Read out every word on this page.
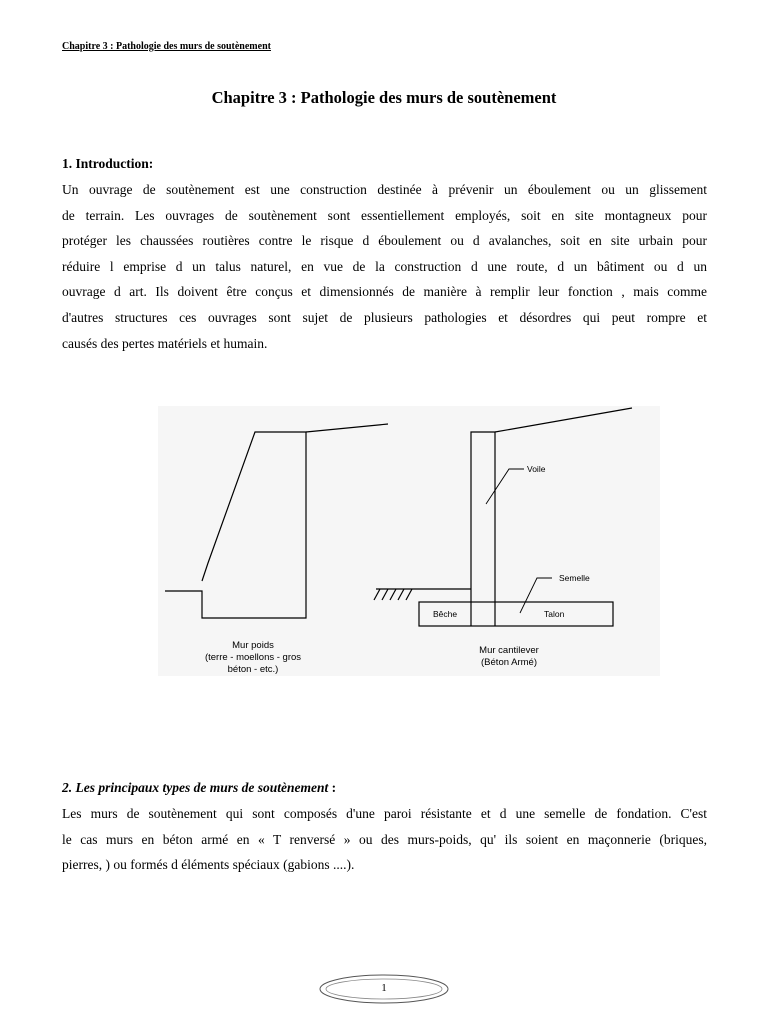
Chapitre 3 : Pathologie des murs de soutènement
Chapitre 3 : Pathologie des murs de soutènement
1. Introduction:
Un ouvrage de soutènement est une construction destinée à prévenir un éboulement ou un glissement
de terrain. Les ouvrages de soutènement sont essentiellement employés, soit en site montagneux pour
protéger les chaussées routières contre le risque d éboulement ou d avalanches, soit en site urbain pour
réduire l emprise d un talus naturel, en vue de la construction d une route, d un bâtiment ou d un
ouvrage d art. Ils doivent être conçus et dimensionnés de manière à remplir leur fonction , mais comme
d'autres structures ces ouvrages sont sujet de plusieurs pathologies et désordres qui peut rompre et
causés des pertes matériels et humain.
Voile
Semelle
Bêche	Talon
Mur poids
(terre - moellons - gros
béton - etc.)
Mur cantilever
(Béton Armé)
2. Les principaux types de murs de soutènement :
Les murs de soutènement qui sont composés d'une paroi résistante et d une semelle de fondation. C'est
le cas murs en béton armé en « T renversé » ou des murs-poids, qu' ils soient en maçonnerie (briques,
pierres, ) ou formés d éléments spéciaux (gabions ....).
1
